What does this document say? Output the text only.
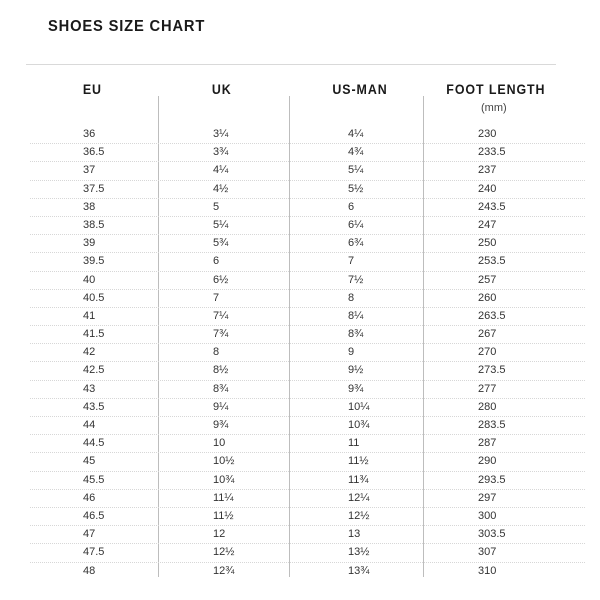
SHOES SIZE CHART
EU	UK	US-MAN	FOOT LENGTH
(mm)
36	3¼	4¼	230
36.5	3¾	4¾	233.5
37	4¼	5¼	237
37.5	4½	5½	240
38	5	6	243.5
38.5	5¼	6¼	247
39	5¾	6¾	250
39.5	6	7	253.5
40	6½	7½	257
40.5	7	8	260
41	7¼	8¼	263.5
41.5	7¾	8¾	267
42	8	9	270
42.5	8½	9½	273.5
43	8¾	9¾	277
43.5	9¼	10¼	280
44	9¾	10¾	283.5
44.5	10	11	287
45	10½	11½	290
45.5	10¾	11¾	293.5
46	11¼	12¼	297
46.5	11½	12½	300
47	12	13	303.5
47.5	12½	13½	307
48	12¾	13¾	310
